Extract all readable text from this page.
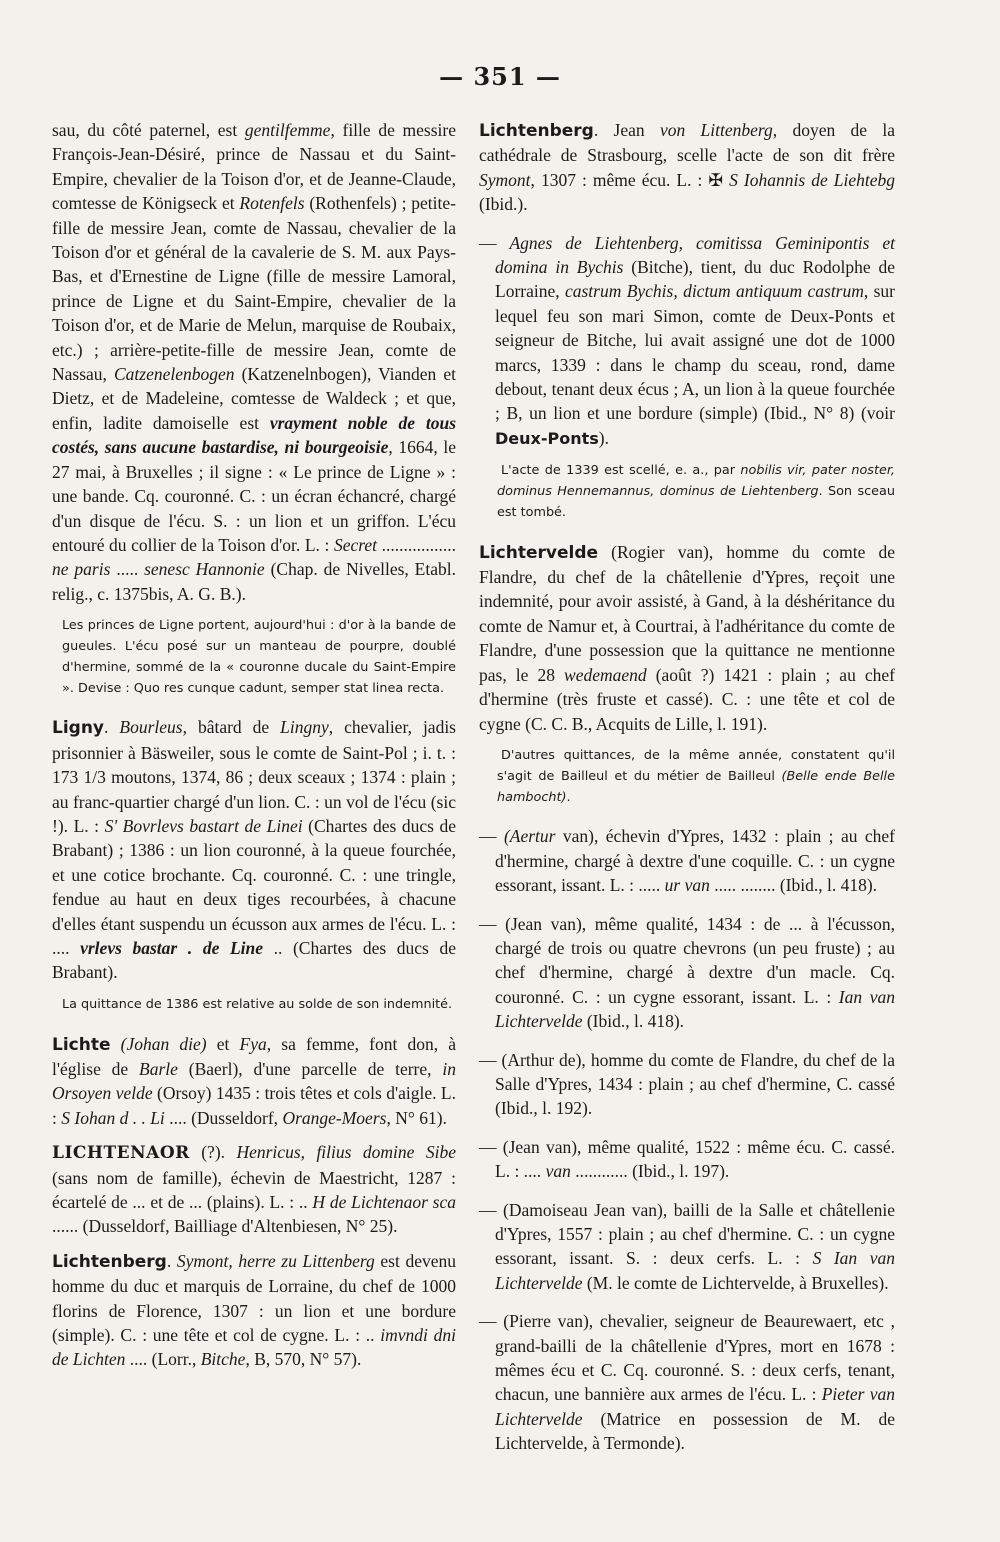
— 351 —

sau, du côté paternel, est gentilfemme, fille de messire François-Jean-Désiré, prince de Nassau et du Saint-Empire, chevalier de la Toison d'or, et de Jeanne-Claude, comtesse de Königseck et Rotenfels (Rothenfels) ; petite-fille de messire Jean, comte de Nassau, chevalier de la Toison d'or et général de la cavalerie de S. M. aux Pays-Bas, et d'Ernestine de Ligne (fille de messire Lamoral, prince de Ligne et du Saint-Empire, chevalier de la Toison d'or, et de Marie de Melun, marquise de Roubaix, etc.) ; arrière-petite-fille de messire Jean, comte de Nassau, Catzenelenbogen (Katzenelnbogen), Vianden et Dietz, et de Madeleine, comtesse de Waldeck ; et que, enfin, ladite damoiselle est vrayment noble de tous costés, sans aucune bastardise, ni bourgeoisie, 1664, le 27 mai, à Bruxelles ; il signe : « Le prince de Ligne » : une bande. Cq. couronné. C. : un écran échancré, chargé d'un disque de l'écu. S. : un lion et un griffon. L'écu entouré du collier de la Toison d'or. L. : Secret ................. ne paris ..... senesc Hannonie (Chap. de Nivelles, Etabl. relig., c. 1375bis, A. G. B.).

Les princes de Ligne portent, aujourd'hui : d'or à la bande de gueules. L'écu posé sur un manteau de pourpre, doublé d'hermine, sommé de la « couronne ducale du Saint-Empire ». Devise : Quo res cunque cadunt, semper stat linea recta.

Ligny. Bourleus, bâtard de Lingny, chevalier, jadis prisonnier à Bäsweiler, sous le comte de Saint-Pol ; i. t. : 173 1/3 moutons, 1374, 86 ; deux sceaux ; 1374 : plain ; au franc-quartier chargé d'un lion. C. : un vol de l'écu (sic !). L. : S' Bovrlevs bastart de Linei (Chartes des ducs de Brabant) ; 1386 : un lion couronné, à la queue fourchée, et une cotice brochante. Cq. couronné. C. : une tringle, fendue au haut en deux tiges recourbées, à chacune d'elles étant suspendu un écusson aux armes de l'écu. L. : .... vrlevs bastar . de Line .. (Chartes des ducs de Brabant).

La quittance de 1386 est relative au solde de son indemnité.

Lichte (Johan die) et Fya, sa femme, font don, à l'église de Barle (Baerl), d'une parcelle de terre, in Orsoyen velde (Orsoy) 1435 : trois têtes et cols d'aigle. L. : S Iohan d . . Li .... (Dusseldorf, Orange-Moers, N° 61).

LICHTENAOR (?). Henricus, filius domine Sibe (sans nom de famille), échevin de Maestricht, 1287 : écartelé de ... et de ... (plains). L. : .. H de Lichtenaor sca ...... (Dusseldorf, Bailliage d'Altenbiesen, N° 25).

Lichtenberg. Symont, herre zu Littenberg est devenu homme du duc et marquis de Lorraine, du chef de 1000 florins de Florence, 1307 : un lion et une bordure (simple). C. : une tête et col de cygne. L. : .. imvndi dni de Lichten .... (Lorr., Bitche, B, 570, N° 57).

Lichtenberg. Jean von Littenberg, doyen de la cathédrale de Strasbourg, scelle l'acte de son dit frère Symont, 1307 : même écu. L. : ✠ S Iohannis de Liehtebg (Ibid.).

— Agnes de Liehtenberg, comitissa Geminipontis et domina in Bychis (Bitche), tient, du duc Rodolphe de Lorraine, castrum Bychis, dictum antiquum castrum, sur lequel feu son mari Simon, comte de Deux-Ponts et seigneur de Bitche, lui avait assigné une dot de 1000 marcs, 1339 : dans le champ du sceau, rond, dame debout, tenant deux écus ; A, un lion à la queue fourchée ; B, un lion et une bordure (simple) (Ibid., N° 8) (voir Deux-Ponts).

L'acte de 1339 est scellé, e. a., par nobilis vir, pater noster, dominus Hennemannus, dominus de Liehtenberg. Son sceau est tombé.

Lichtervelde (Rogier van), homme du comte de Flandre, du chef de la châtellenie d'Ypres, reçoit une indemnité, pour avoir assisté, à Gand, à la déshéritance du comte de Namur et, à Courtrai, à l'adhéritance du comte de Flandre, d'une possession que la quittance ne mentionne pas, le 28 wedemaend (août ?) 1421 : plain ; au chef d'hermine (très fruste et cassé). C. : une tête et col de cygne (C. C. B., Acquits de Lille, l. 191).

D'autres quittances, de la même année, constatent qu'il s'agit de Bailleul et du métier de Bailleul (Belle ende Belle hambocht).

— (Aertur van), échevin d'Ypres, 1432 : plain ; au chef d'hermine, chargé à dextre d'une coquille. C. : un cygne essorant, issant. L. : ..... ur van ..... ........ (Ibid., l. 418).

— (Jean van), même qualité, 1434 : de ... à l'écusson, chargé de trois ou quatre chevrons (un peu fruste) ; au chef d'hermine, chargé à dextre d'un macle. Cq. couronné. C. : un cygne essorant, issant. L. : Ian van Lichtervelde (Ibid., l. 418).

— (Arthur de), homme du comte de Flandre, du chef de la Salle d'Ypres, 1434 : plain ; au chef d'hermine, C. cassé (Ibid., l. 192).

— (Jean van), même qualité, 1522 : même écu. C. cassé. L. : .... van ............ (Ibid., l. 197).

— (Damoiseau Jean van), bailli de la Salle et châtellenie d'Ypres, 1557 : plain ; au chef d'hermine. C. : un cygne essorant, issant. S. : deux cerfs. L. : S Ian van Lichtervelde (M. le comte de Lichtervelde, à Bruxelles).

— (Pierre van), chevalier, seigneur de Beaurewaert, etc , grand-bailli de la châtellenie d'Ypres, mort en 1678 : mêmes écu et C. Cq. couronné. S. : deux cerfs, tenant, chacun, une bannière aux armes de l'écu. L. : Pieter van Lichtervelde (Matrice en possession de M. de Lichtervelde, à Termonde).
